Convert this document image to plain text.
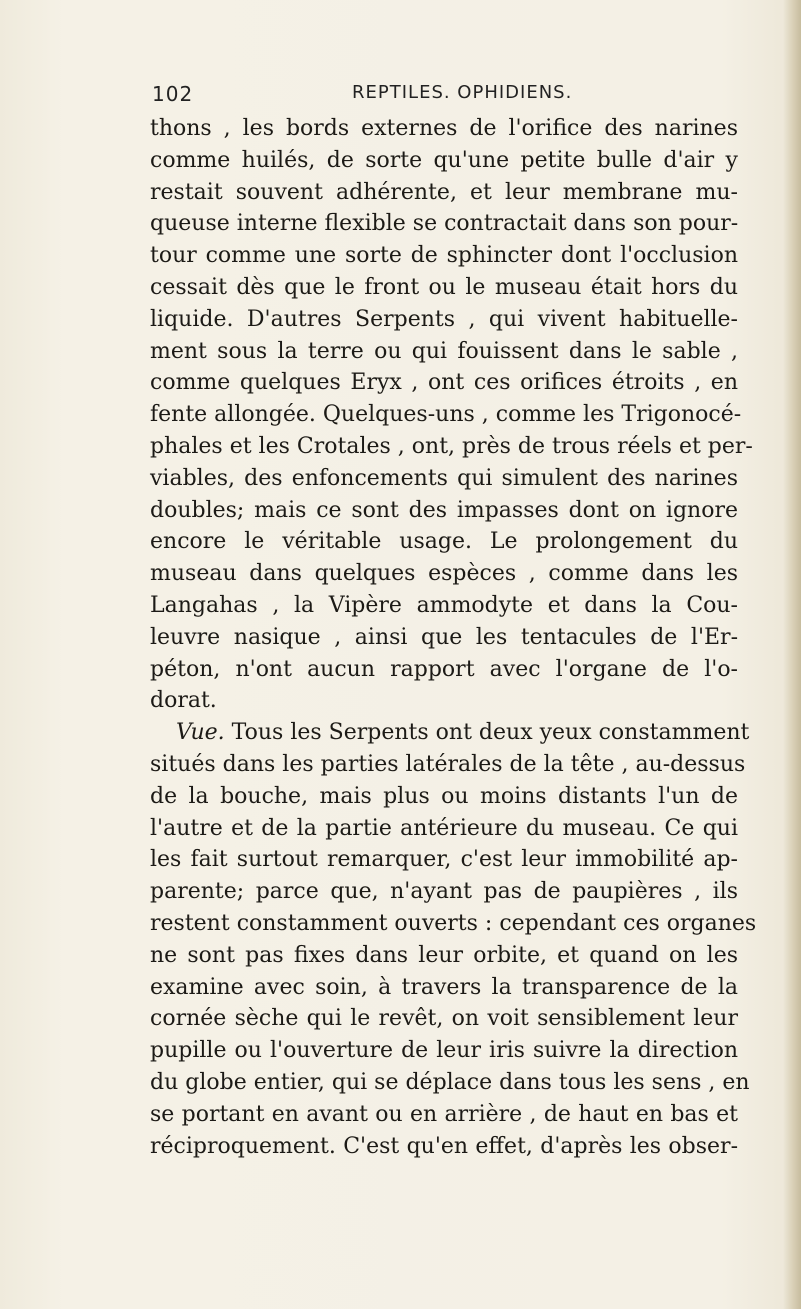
102	REPTILES. OPHIDIENS.
thons , les bords externes de l'orifice des narines
comme huilés, de sorte qu'une petite bulle d'air y
restait souvent adhérente, et leur membrane mu-
queuse interne flexible se contractait dans son pour-
tour comme une sorte de sphincter dont l'occlusion
cessait dès que le front ou le museau était hors du
liquide. D'autres Serpents , qui vivent habituelle-
ment sous la terre ou qui fouissent dans le sable ,
comme quelques Eryx , ont ces orifices étroits , en
fente allongée. Quelques-uns , comme les Trigonocé-
phales et les Crotales , ont, près de trous réels et per-
viables, des enfoncements qui simulent des narines
doubles; mais ce sont des impasses dont on ignore
encore le véritable usage. Le prolongement du
museau dans quelques espèces , comme dans les
Langahas , la Vipère ammodyte et dans la Cou-
leuvre nasique , ainsi que les tentacules de l'Er-
péton, n'ont aucun rapport avec l'organe de l'o-
dorat.
Vue. Tous les Serpents ont deux yeux constamment
situés dans les parties latérales de la tête , au-dessus
de la bouche, mais plus ou moins distants l'un de
l'autre et de la partie antérieure du museau. Ce qui
les fait surtout remarquer, c'est leur immobilité ap-
parente; parce que, n'ayant pas de paupières , ils
restent constamment ouverts : cependant ces organes
ne sont pas fixes dans leur orbite, et quand on les
examine avec soin, à travers la transparence de la
cornée sèche qui le revêt, on voit sensiblement leur
pupille ou l'ouverture de leur iris suivre la direction
du globe entier, qui se déplace dans tous les sens , en
se portant en avant ou en arrière , de haut en bas et
réciproquement. C'est qu'en effet, d'après les obser-
